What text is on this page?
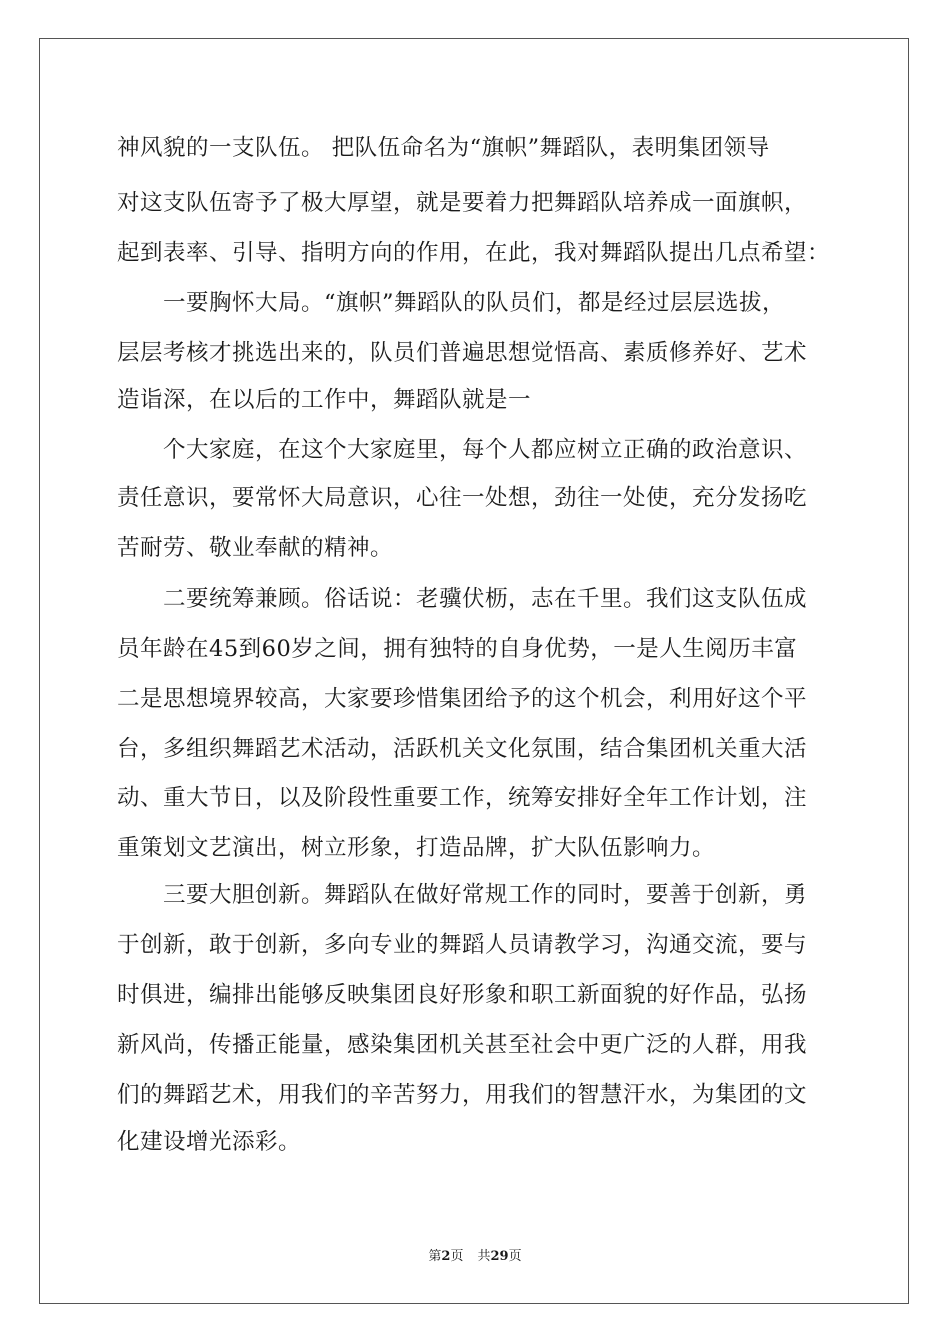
神风貌的一支队伍。 把队伍命名为“旗帜”舞蹈队，表明集团领导
对这支队伍寄予了极大厚望，就是要着力把舞蹈队培养成一面旗帜，
起到表率、引导、指明方向的作用，在此，我对舞蹈队提出几点希望：
一要胸怀大局。“旗帜”舞蹈队的队员们，都是经过层层选拔，
层层考核才挑选出来的，队员们普遍思想觉悟高、素质修养好、艺术
造诣深，在以后的工作中，舞蹈队就是一
个大家庭，在这个大家庭里，每个人都应树立正确的政治意识、
责任意识，要常怀大局意识，心往一处想，劲往一处使，充分发扬吃
苦耐劳、敬业奉献的精神。
二要统筹兼顾。俗话说：老骥伏枥，志在千里。我们这支队伍成
员年龄在45到60岁之间，拥有独特的自身优势，一是人生阅历丰富
二是思想境界较高，大家要珍惜集团给予的这个机会，利用好这个平
台，多组织舞蹈艺术活动，活跃机关文化氛围，结合集团机关重大活
动、重大节日，以及阶段性重要工作，统筹安排好全年工作计划，注
重策划文艺演出，树立形象，打造品牌，扩大队伍影响力。
三要大胆创新。舞蹈队在做好常规工作的同时，要善于创新，勇
于创新，敢于创新，多向专业的舞蹈人员请教学习，沟通交流，要与
时俱进，编排出能够反映集团良好形象和职工新面貌的好作品，弘扬
新风尚，传播正能量，感染集团机关甚至社会中更广泛的人群，用我
们的舞蹈艺术，用我们的辛苦努力，用我们的智慧汗水，为集团的文
化建设增光添彩。
第2页 共29页
